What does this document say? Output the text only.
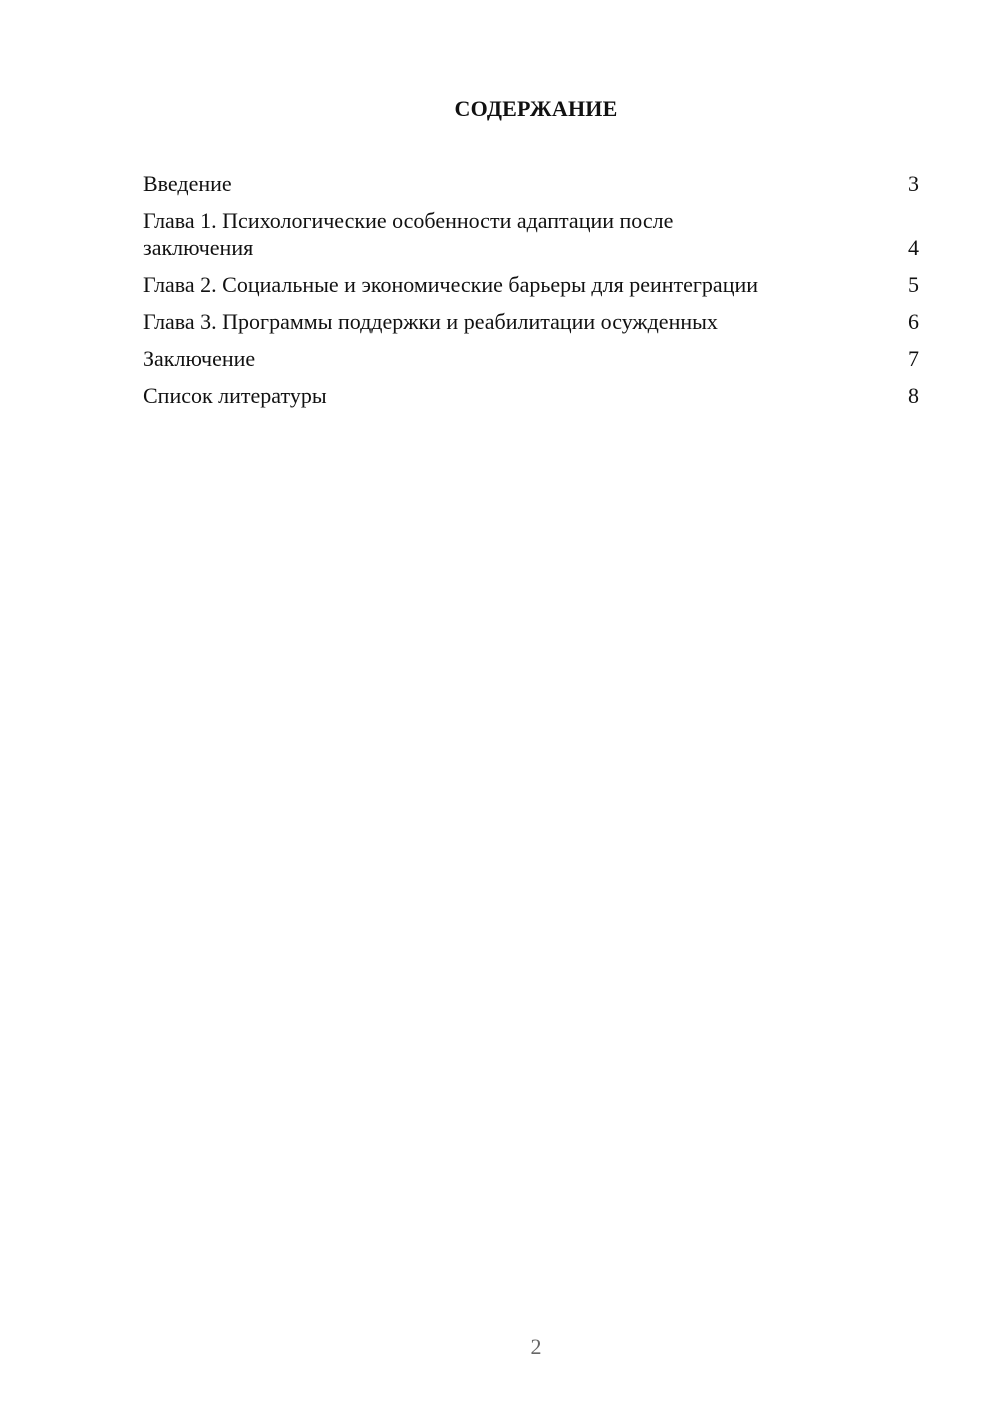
СОДЕРЖАНИЕ
Введение	3
Глава 1. Психологические особенности адаптации после заключения	4
Глава 2. Социальные и экономические барьеры для реинтеграции	5
Глава 3. Программы поддержки и реабилитации осужденных	6
Заключение	7
Список литературы	8
2
